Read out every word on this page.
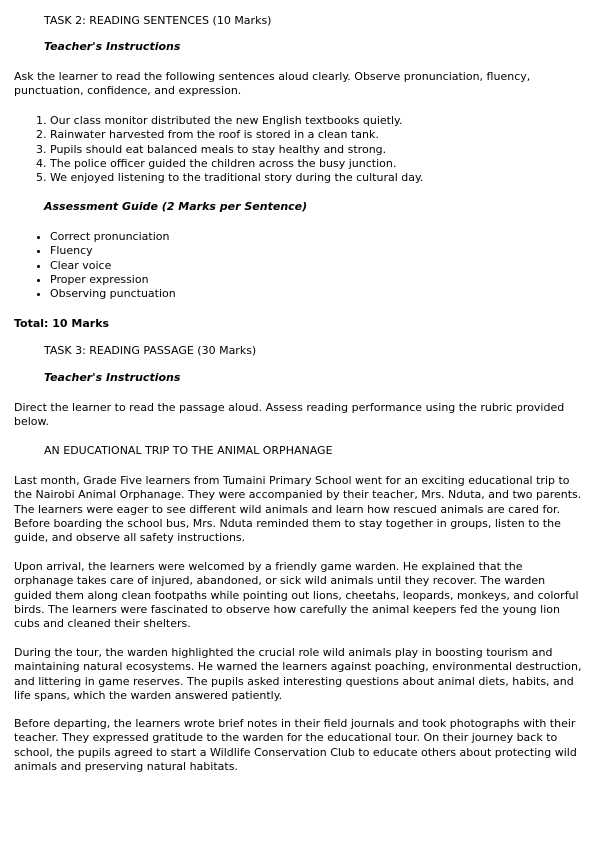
TASK 2: READING SENTENCES (10 Marks)
Teacher's Instructions

Ask the learner to read the following sentences aloud clearly. Observe pronunciation, fluency, punctuation, confidence, and expression.

1. Our class monitor distributed the new English textbooks quietly.
2. Rainwater harvested from the roof is stored in a clean tank.
3. Pupils should eat balanced meals to stay healthy and strong.
4. The police officer guided the children across the busy junction.
5. We enjoyed listening to the traditional story during the cultural day.
Assessment Guide (2 Marks per Sentence)
• Correct pronunciation
• Fluency
• Clear voice
• Proper expression
• Observing punctuation
Total: 10 Marks
TASK 3: READING PASSAGE (30 Marks)
Teacher's Instructions

Direct the learner to read the passage aloud. Assess reading performance using the rubric provided below.

AN EDUCATIONAL TRIP TO THE ANIMAL ORPHANAGE

Last month, Grade Five learners from Tumaini Primary School went for an exciting educational trip to the Nairobi Animal Orphanage. They were accompanied by their teacher, Mrs. Nduta, and two parents. The learners were eager to see different wild animals and learn how rescued animals are cared for. Before boarding the school bus, Mrs. Nduta reminded them to stay together in groups, listen to the guide, and observe all safety instructions.

Upon arrival, the learners were welcomed by a friendly game warden. He explained that the orphanage takes care of injured, abandoned, or sick wild animals until they recover. The warden guided them along clean footpaths while pointing out lions, cheetahs, leopards, monkeys, and colorful birds. The learners were fascinated to observe how carefully the animal keepers fed the young lion cubs and cleaned their shelters.

During the tour, the warden highlighted the crucial role wild animals play in boosting tourism and maintaining natural ecosystems. He warned the learners against poaching, environmental destruction, and littering in game reserves. The pupils asked interesting questions about animal diets, habits, and life spans, which the warden answered patiently.

Before departing, the learners wrote brief notes in their field journals and took photographs with their teacher. They expressed gratitude to the warden for the educational tour. On their journey back to school, the pupils agreed to start a Wildlife Conservation Club to educate others about protecting wild animals and preserving natural habitats.
